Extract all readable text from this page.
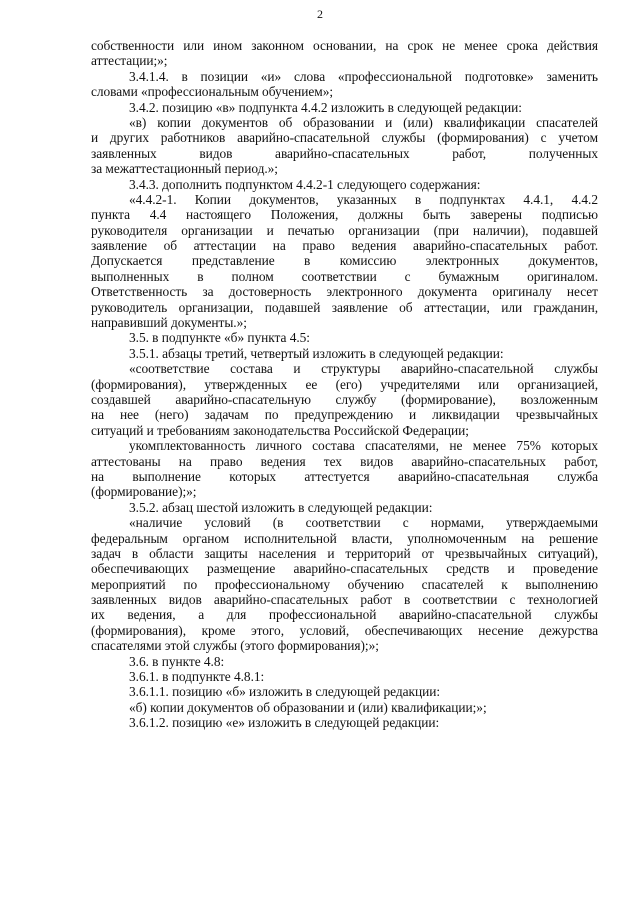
2
собственности или ином законном основании, на срок не менее срока действия
аттестации;»;
3.4.1.4. в позиции «и» слова «профессиональной подготовке» заменить
словами «профессиональным обучением»;
3.4.2. позицию «в» подпункта 4.4.2 изложить в следующей редакции:
«в) копии документов об образовании и (или) квалификации спасателей
и других работников аварийно-спасательной службы (формирования) с учетом
заявленных видов аварийно-спасательных работ, полученных
за межаттестационный период.»;
3.4.3. дополнить подпунктом 4.4.2-1 следующего содержания:
«4.4.2-1. Копии документов, указанных в подпунктах 4.4.1, 4.4.2
пункта 4.4 настоящего Положения, должны быть заверены подписью
руководителя организации и печатью организации (при наличии), подавшей
заявление об аттестации на право ведения аварийно-спасательных работ.
Допускается представление в комиссию электронных документов,
выполненных в полном соответствии с бумажным оригиналом.
Ответственность за достоверность электронного документа оригиналу несет
руководитель организации, подавшей заявление об аттестации, или гражданин,
направивший документы.»;
3.5. в подпункте «б» пункта 4.5:
3.5.1. абзацы третий, четвертый изложить в следующей редакции:
«соответствие состава и структуры аварийно-спасательной службы
(формирования), утвержденных ее (его) учредителями или организацией,
создавшей аварийно-спасательную службу (формирование), возложенным
на нее (него) задачам по предупреждению и ликвидации чрезвычайных
ситуаций и требованиям законодательства Российской Федерации;
укомплектованность личного состава спасателями, не менее 75% которых
аттестованы на право ведения тех видов аварийно-спасательных работ,
на выполнение которых аттестуется аварийно-спасательная служба
(формирование);»;
3.5.2. абзац шестой изложить в следующей редакции:
«наличие условий (в соответствии с нормами, утверждаемыми
федеральным органом исполнительной власти, уполномоченным на решение
задач в области защиты населения и территорий от чрезвычайных ситуаций),
обеспечивающих размещение аварийно-спасательных средств и проведение
мероприятий по профессиональному обучению спасателей к выполнению
заявленных видов аварийно-спасательных работ в соответствии с технологией
их ведения, а для профессиональной аварийно-спасательной службы
(формирования), кроме этого, условий, обеспечивающих несение дежурства
спасателями этой службы (этого формирования);»;
3.6. в пункте 4.8:
3.6.1. в подпункте 4.8.1:
3.6.1.1. позицию «б» изложить в следующей редакции:
«б) копии документов об образовании и (или) квалификации;»;
3.6.1.2. позицию «е» изложить в следующей редакции:
